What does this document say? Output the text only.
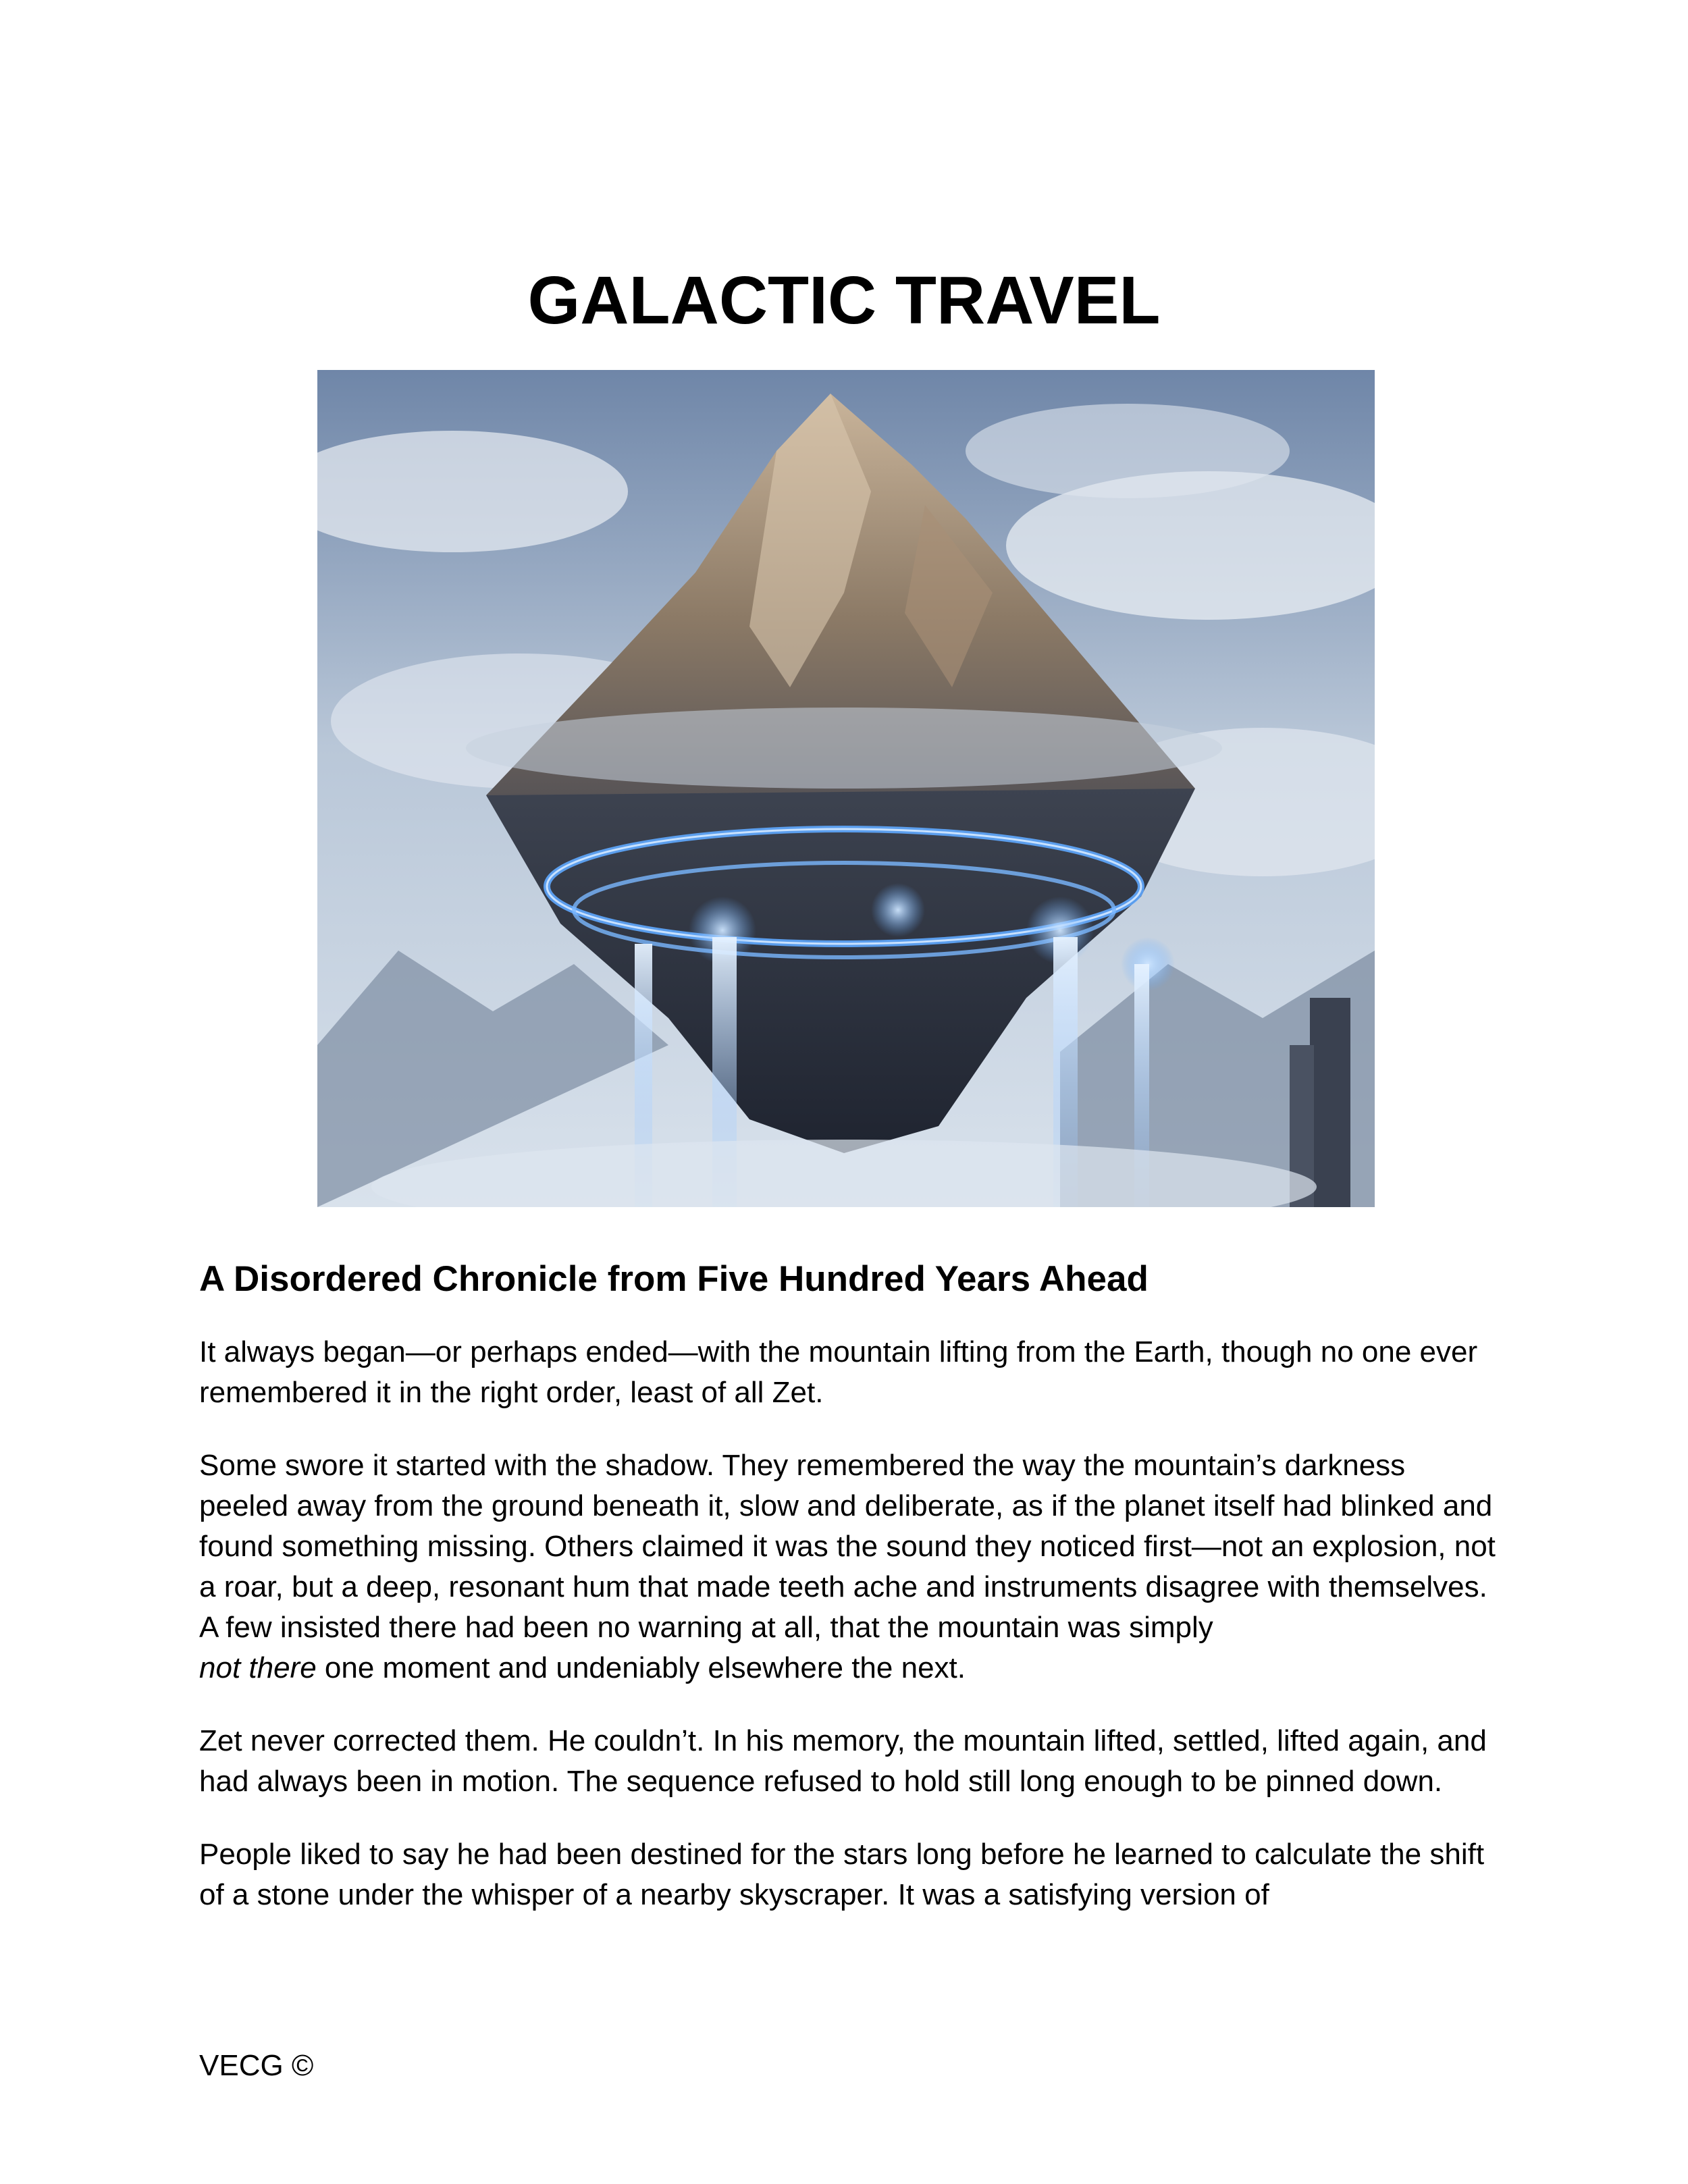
GALACTIC TRAVEL
A Disordered Chronicle from Five Hundred Years Ahead

It always began—or perhaps ended—with the mountain lifting from the Earth, though no one ever remembered it in the right order, least of all Zet.

Some swore it started with the shadow. They remembered the way the mountain’s darkness peeled away from the ground beneath it, slow and deliberate, as if the planet itself had blinked and found something missing. Others claimed it was the sound they noticed first—not an explosion, not a roar, but a deep, resonant hum that made teeth ache and instruments disagree with themselves. A few insisted there had been no warning at all, that the mountain was simply
not there one moment and undeniably elsewhere the next.

Zet never corrected them. He couldn’t. In his memory, the mountain lifted, settled, lifted again, and had always been in motion. The sequence refused to hold still long enough to be pinned down.

People liked to say he had been destined for the stars long before he learned to calculate the shift of a stone under the whisper of a nearby skyscraper. It was a satisfying version of

VECG ©
